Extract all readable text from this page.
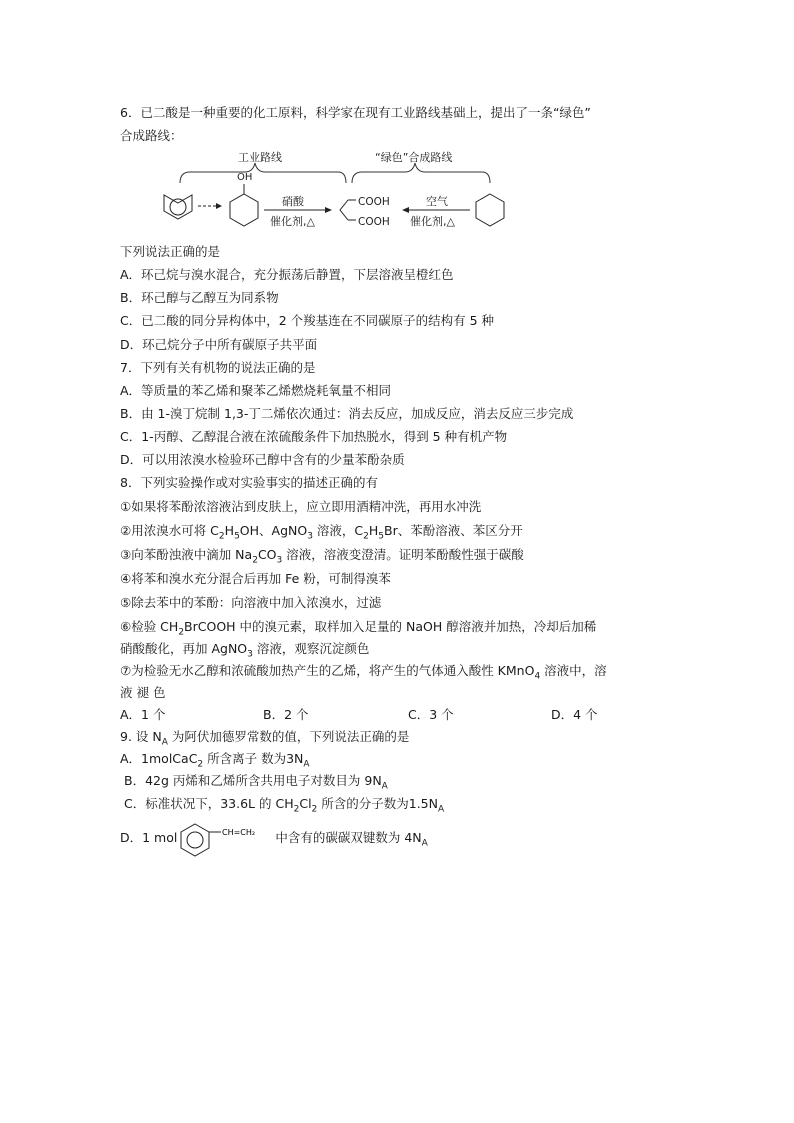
6．已二酸是一种重要的化工原料，科学家在现有工业路线基础上，提出了一条“绿色”
合成路线：
工业路线	“绿色”合成路线
OH
硝酸
催化剂,△
COOH
COOH
空气
催化剂,△
下列说法正确的是
A．环己烷与溴水混合，充分振荡后静置，下层溶液呈橙红色
B．环己醇与乙醇互为同系物
C．已二酸的同分异构体中，2 个羧基连在不同碳原子的结构有 5 种
D．环己烷分子中所有碳原子共平面
7．下列有关有机物的说法正确的是
A．等质量的苯乙烯和聚苯乙烯燃烧耗氧量不相同
B．由 1-溴丁烷制 1,3-丁二烯依次通过：消去反应，加成反应，消去反应三步完成
C．1-丙醇、乙醇混合液在浓硫酸条件下加热脱水，得到 5 种有机产物
D．可以用浓溴水检验环己醇中含有的少量苯酚杂质
8．下列实验操作或对实验事实的描述正确的有
①如果将苯酚浓溶液沾到皮肤上，应立即用酒精冲洗，再用水冲洗
②用浓溴水可将 $C_2H_5OH$、AgNO$_3$ 溶液，$C_2H_5Br$、苯酚溶液、苯区分开
③向苯酚浊液中滴加 $Na_2CO_3$ 溶液，溶液变澄清。证明苯酚酸性强于碳酸
④将苯和溴水充分混合后再加 Fe 粉，可制得溴苯
⑤除去苯中的苯酚：向溶液中加入浓溴水，过滤
⑥检验 $CH_2BrCOOH$ 中的溴元素，取样加入足量的 NaOH 醇溶液并加热，冷却后加稀
硝酸酸化，再加 AgNO$_3$ 溶液，观察沉淀颜色
⑦为检验无水乙醇和浓硫酸加热产生的乙烯，将产生的气体通入酸性 KMnO$_4$ 溶液中，溶
液 褪 色
A．1 个	B．2 个	C．3 个	D．4 个
9. 设 $N_A$ 为阿伏加德罗常数的值，下列说法正确的是
A．1molCaC$_2$ 所含离子 数为$3N_A$
B．42g 丙烯和乙烯所含共用电子对数目为 $9N_A$
C．标准状况下，33.6L 的 $CH_2Cl_2$ 所含的分子数为$1.5N_A$
D．1 mol	CH=CH₂ 中含有的碳碳双键数为 $4N_A$
